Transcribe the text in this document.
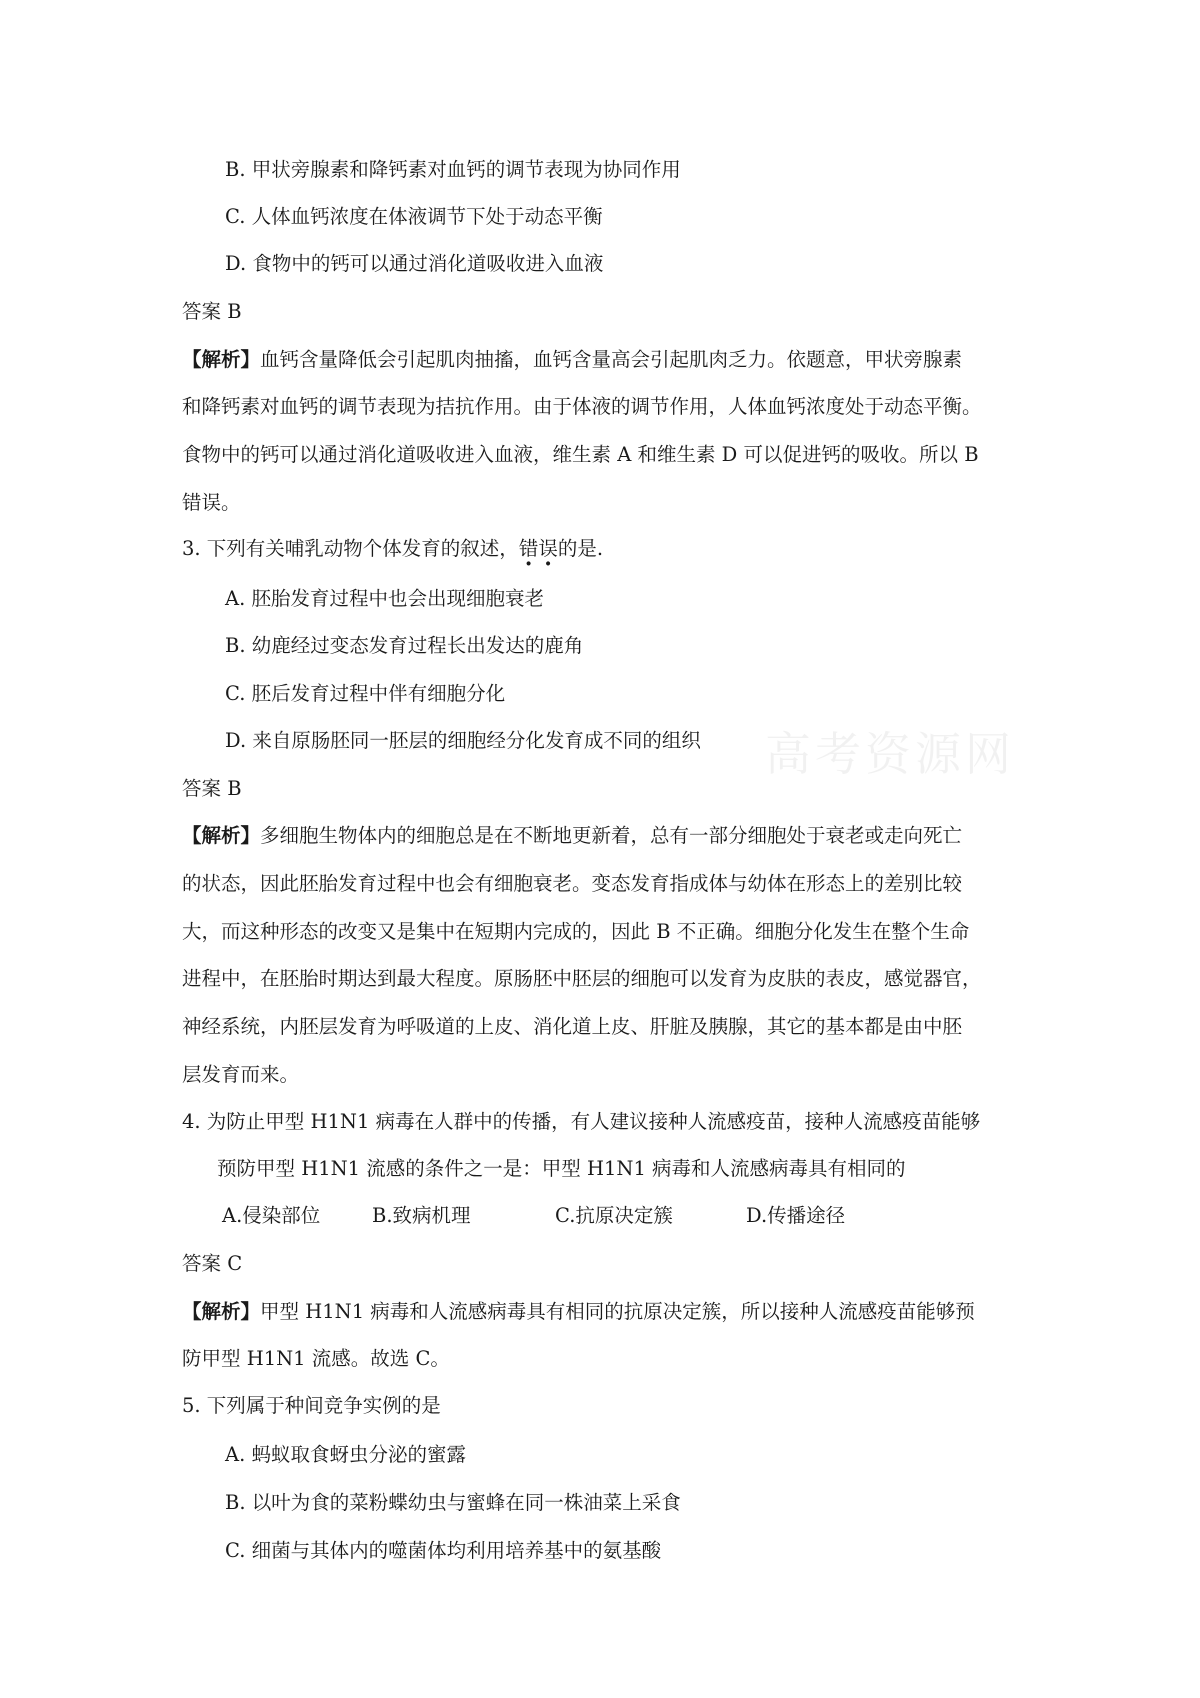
B. 甲状旁腺素和降钙素对血钙的调节表现为协同作用
C. 人体血钙浓度在体液调节下处于动态平衡
D. 食物中的钙可以通过消化道吸收进入血液
答案 B
【解析】血钙含量降低会引起肌肉抽搐，血钙含量高会引起肌肉乏力。依题意，甲状旁腺素
和降钙素对血钙的调节表现为拮抗作用。由于体液的调节作用，人体血钙浓度处于动态平衡。
食物中的钙可以通过消化道吸收进入血液，维生素 A 和维生素 D 可以促进钙的吸收。所以 B
错误。
3. 下列有关哺乳动物个体发育的叙述，错误的是.
A. 胚胎发育过程中也会出现细胞衰老
B. 幼鹿经过变态发育过程长出发达的鹿角
C. 胚后发育过程中伴有细胞分化
D. 来自原肠胚同一胚层的细胞经分化发育成不同的组织 高考资源网
答案 B
【解析】多细胞生物体内的细胞总是在不断地更新着，总有一部分细胞处于衰老或走向死亡
的状态，因此胚胎发育过程中也会有细胞衰老。变态发育指成体与幼体在形态上的差别比较
大，而这种形态的改变又是集中在短期内完成的，因此 B 不正确。细胞分化发生在整个生命
进程中，在胚胎时期达到最大程度。原肠胚中胚层的细胞可以发育为皮肤的表皮，感觉器官，
神经系统，内胚层发育为呼吸道的上皮、消化道上皮、肝脏及胰腺，其它的基本都是由中胚
层发育而来。
4. 为防止甲型 H1N1 病毒在人群中的传播，有人建议接种人流感疫苗，接种人流感疫苗能够
预防甲型 H1N1 流感的条件之一是：甲型 H1N1 病毒和人流感病毒具有相同的
A.侵染部位	B.致病机理	C.抗原决定簇	D.传播途径
答案 C
【解析】甲型 H1N1 病毒和人流感病毒具有相同的抗原决定簇，所以接种人流感疫苗能够预
防甲型 H1N1 流感。故选 C。
5. 下列属于种间竞争实例的是
A. 蚂蚁取食蚜虫分泌的蜜露
B. 以叶为食的菜粉蝶幼虫与蜜蜂在同一株油菜上采食
C. 细菌与其体内的噬菌体均利用培养基中的氨基酸
